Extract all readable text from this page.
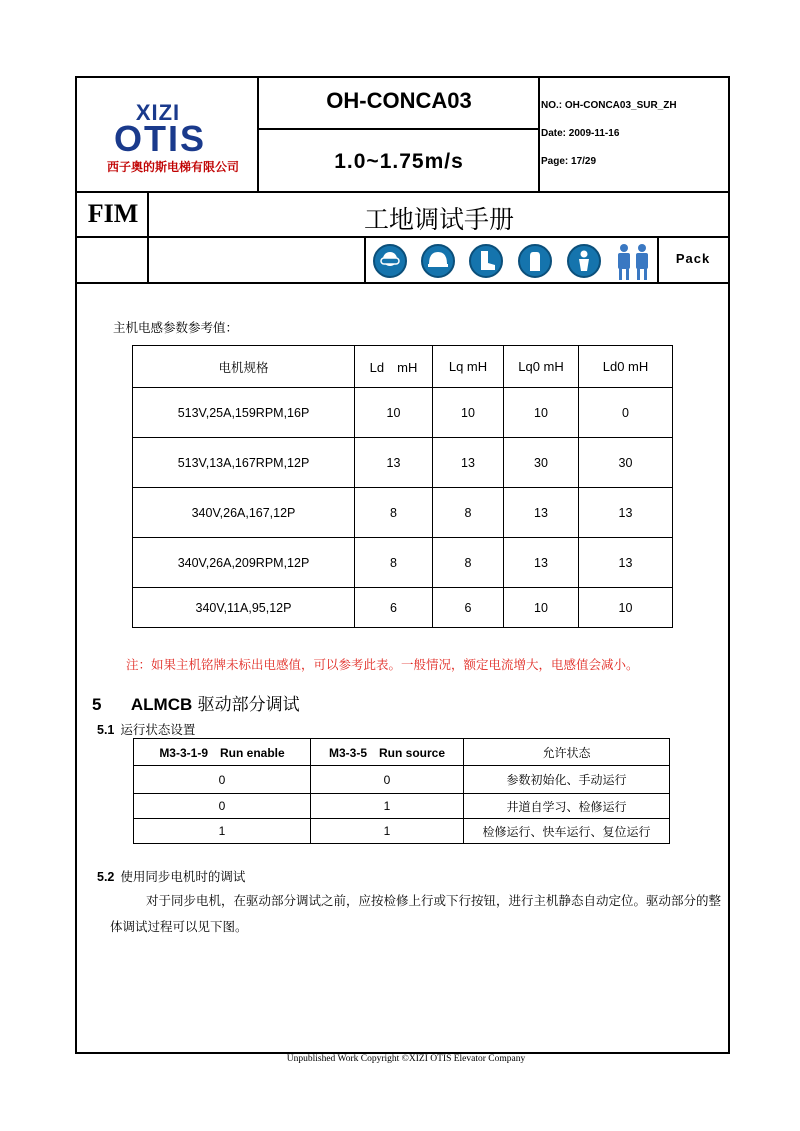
XIZI
OTIS
西子奥的斯电梯有限公司
OH-CONCA03
1.0~1.75m/s
NO.: OH-CONCA03_SUR_ZH
Date: 2009-11-16
Page: 17/29
FIM	工地调试手册
Pack
主机电感参数参考值：
电机规格	Ld　mH	Lq mH	Lq0 mH	Ld0 mH
513V,25A,159RPM,16P	10	10	10	0
513V,13A,167RPM,12P	13	13	30	30
340V,26A,167,12P	8	8	13	13
340V,26A,209RPM,12P	8	8	13	13
340V,11A,95,12P	6	6	10	10
注：如果主机铭牌未标出电感值，可以参考此表。一般情况，额定电流增大，电感值会减小。
5 ALMCB 驱动部分调试
5.1 运行状态设置
M3-3-1-9　Run enable	M3-3-5　Run source	允许状态
0	0	参数初始化、手动运行
0	1	井道自学习、检修运行
1	1	检修运行、快车运行、复位运行
5.2 使用同步电机时的调试
对于同步电机，在驱动部分调试之前，应按检修上行或下行按钮，进行主机静态自动定位。驱动部分的整体调试过程可以见下图。
Unpublished Work Copyright ©XIZI OTIS Elevator Company
